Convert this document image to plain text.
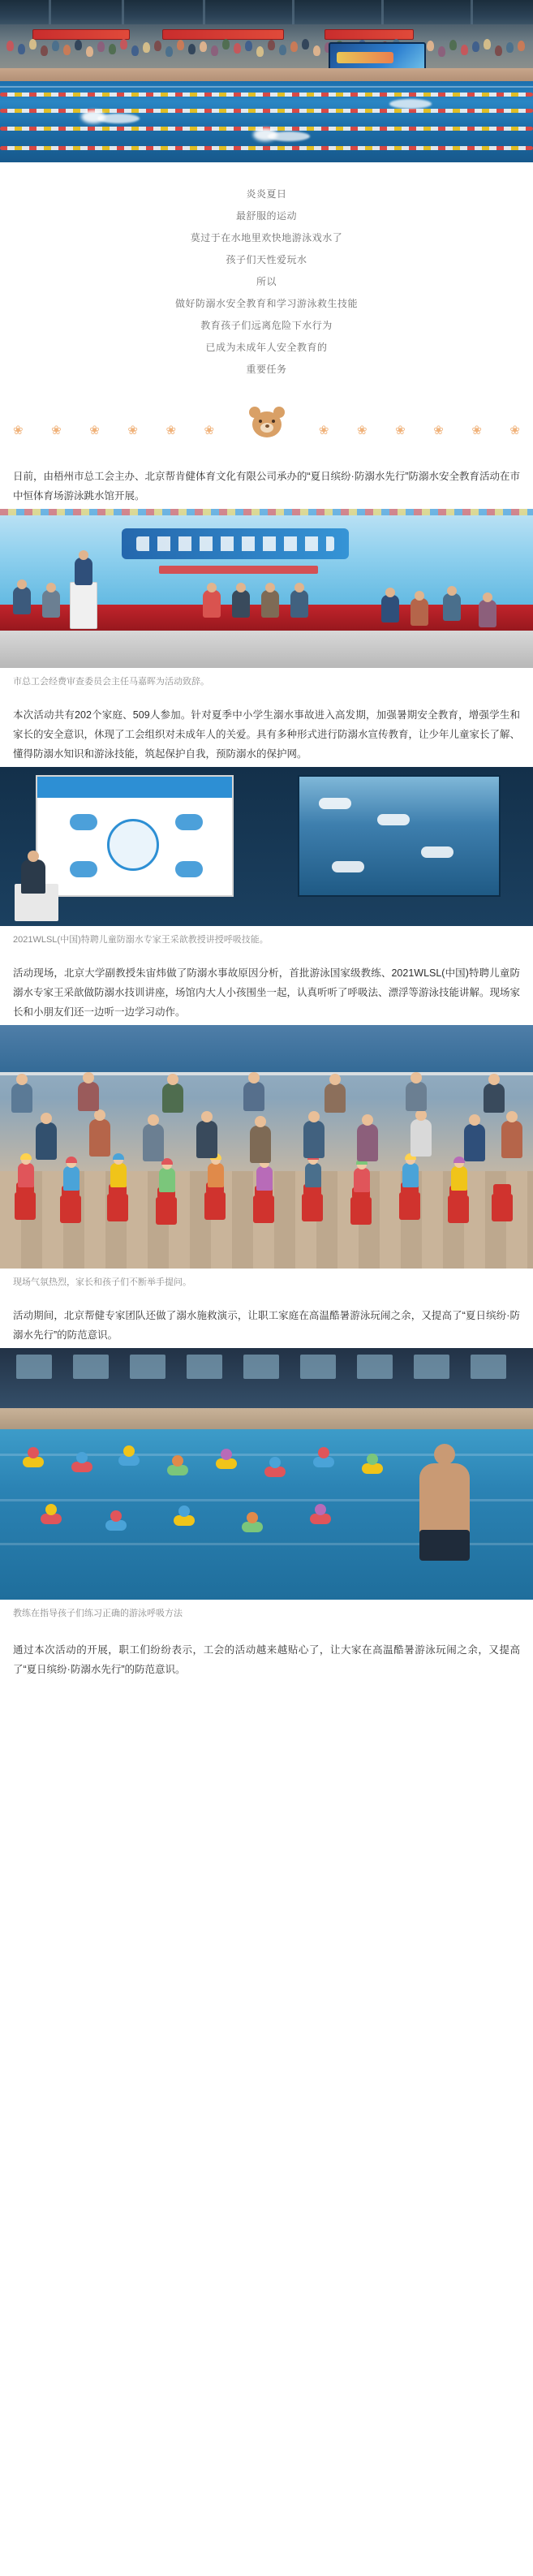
炎炎夏日
最舒服的运动
莫过于在水地里欢快地游泳戏水了
孩子们天性爱玩水
所以
做好防溺水安全教育和学习游泳救生技能
教育孩子们远离危险下水行为
已成为未成年人安全教育的
重要任务
❀ ❀ ❀ ❀ ❀ ❀	❀ ❀ ❀ ❀ ❀ ❀
日前，由梧州市总工会主办、北京帮肯健体育文化有限公司承办的“夏日缤纷·防溺水先行”防溺水安全教育活动在市中恒体育场游泳跳水馆开展。
市总工会经费审查委员会主任马嘉晖为活动致辞。
本次活动共有202个家庭、509人参加。针对夏季中小学生溺水事故进入高发期，加强暑期安全教育，增强学生和家长的安全意识，休现了工会组织对未成年人的关爱。具有多种形式进行防溺水宣传教育，让少年儿童家长了解、懂得防溺水知识和游泳技能，筑起保护自我，预防溺水的保护网。
2021WLSL(中国)特聘儿童防溺水专家王采歆教授讲授呼吸技能。
活动现场，北京大学副教授朱宙炜做了防溺水事故原因分析，首批游泳国家级教练、2021WLSL(中国)特聘儿童防溺水专家王采歆做防溺水技训讲座，场馆内大人小孩围坐一起，认真听听了呼吸法、漂浮等游泳技能讲解。现场家长和小朋友们还一边听一边学习动作。
现场气氛热烈，家长和孩子们不断举手提问。
活动期间，北京帮健专家团队还做了溺水施救演示，让职工家庭在高温酷暑游泳玩闹之余，又提高了“夏日缤纷·防溺水先行”的防范意识。
教练在指导孩子们练习正确的游泳呼吸方法
通过本次活动的开展，职工们纷纷表示，工会的活动越来越贴心了，让大家在高温酷暑游泳玩闹之余，又提高了“夏日缤纷·防溺水先行”的防范意识。
